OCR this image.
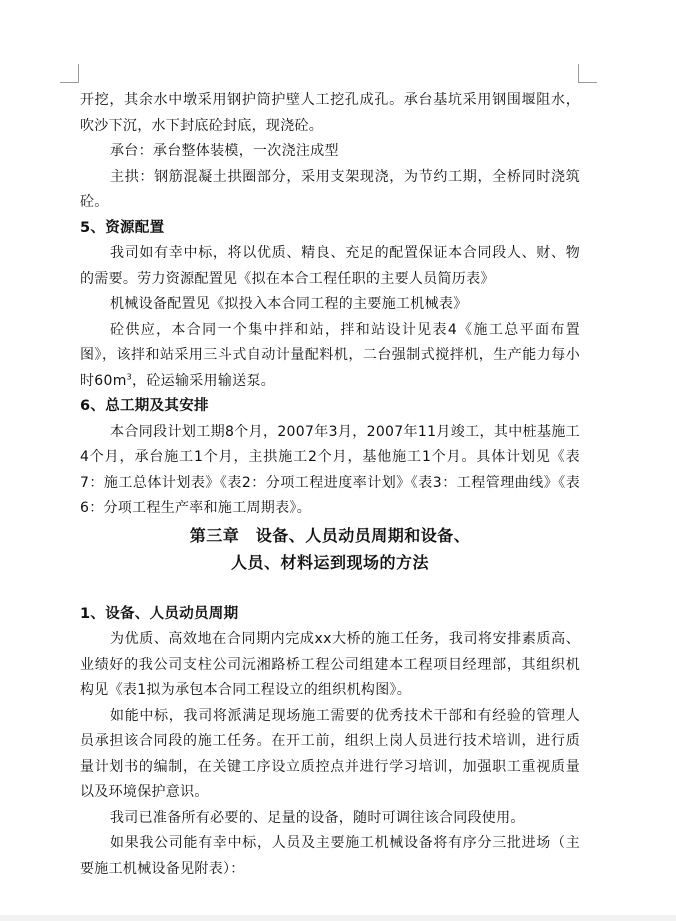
开挖，其余水中墩采用钢护筒护壁人工挖孔成孔。承台基坑采用钢围堰阻水，吹沙下沉，水下封底砼封底，现浇砼。

承台：承台整体装模，一次浇注成型

主拱：钢筋混凝土拱圈部分，采用支架现浇，为节约工期，全桥同时浇筑砼。

5、资源配置

我司如有幸中标，将以优质、精良、充足的配置保证本合同段人、财、物的需要。劳力资源配置见《拟在本合工程任职的主要人员简历表》

机械设备配置见《拟投入本合同工程的主要施工机械表》

砼供应，本合同一个集中拌和站，拌和站设计见表4《施工总平面布置图》，该拌和站采用三斗式自动计量配料机，二台强制式搅拌机，生产能力每小时$60m^3$，砼运输采用输送泵。

6、总工期及其安排

本合同段计划工期8个月，2007年3月，2007年11月竣工，其中桩基施工4个月，承台施工1个月，主拱施工2个月，基他施工1个月。具体计划见《表7：施工总体计划表》《表2：分项工程进度率计划》《表3：工程管理曲线》《表6：分项工程生产率和施工周期表》。

第三章　设备、人员动员周期和设备、

人员、材料运到现场的方法

1、设备、人员动员周期

为优质、高效地在合同期内完成xx大桥的施工任务，我司将安排素质高、业绩好的我公司支柱公司沅湘路桥工程公司组建本工程项目经理部，其组织机构见《表1拟为承包本合同工程设立的组织机构图》。

如能中标，我司将派满足现场施工需要的优秀技术干部和有经验的管理人员承担该合同段的施工任务。在开工前，组织上岗人员进行技术培训，进行质量计划书的编制，在关键工序设立质控点并进行学习培训，加强职工重视质量以及环境保护意识。

我司已准备所有必要的、足量的设备，随时可调往该合同段使用。

如果我公司能有幸中标，人员及主要施工机械设备将有序分三批进场（主要施工机械设备见附表）：
